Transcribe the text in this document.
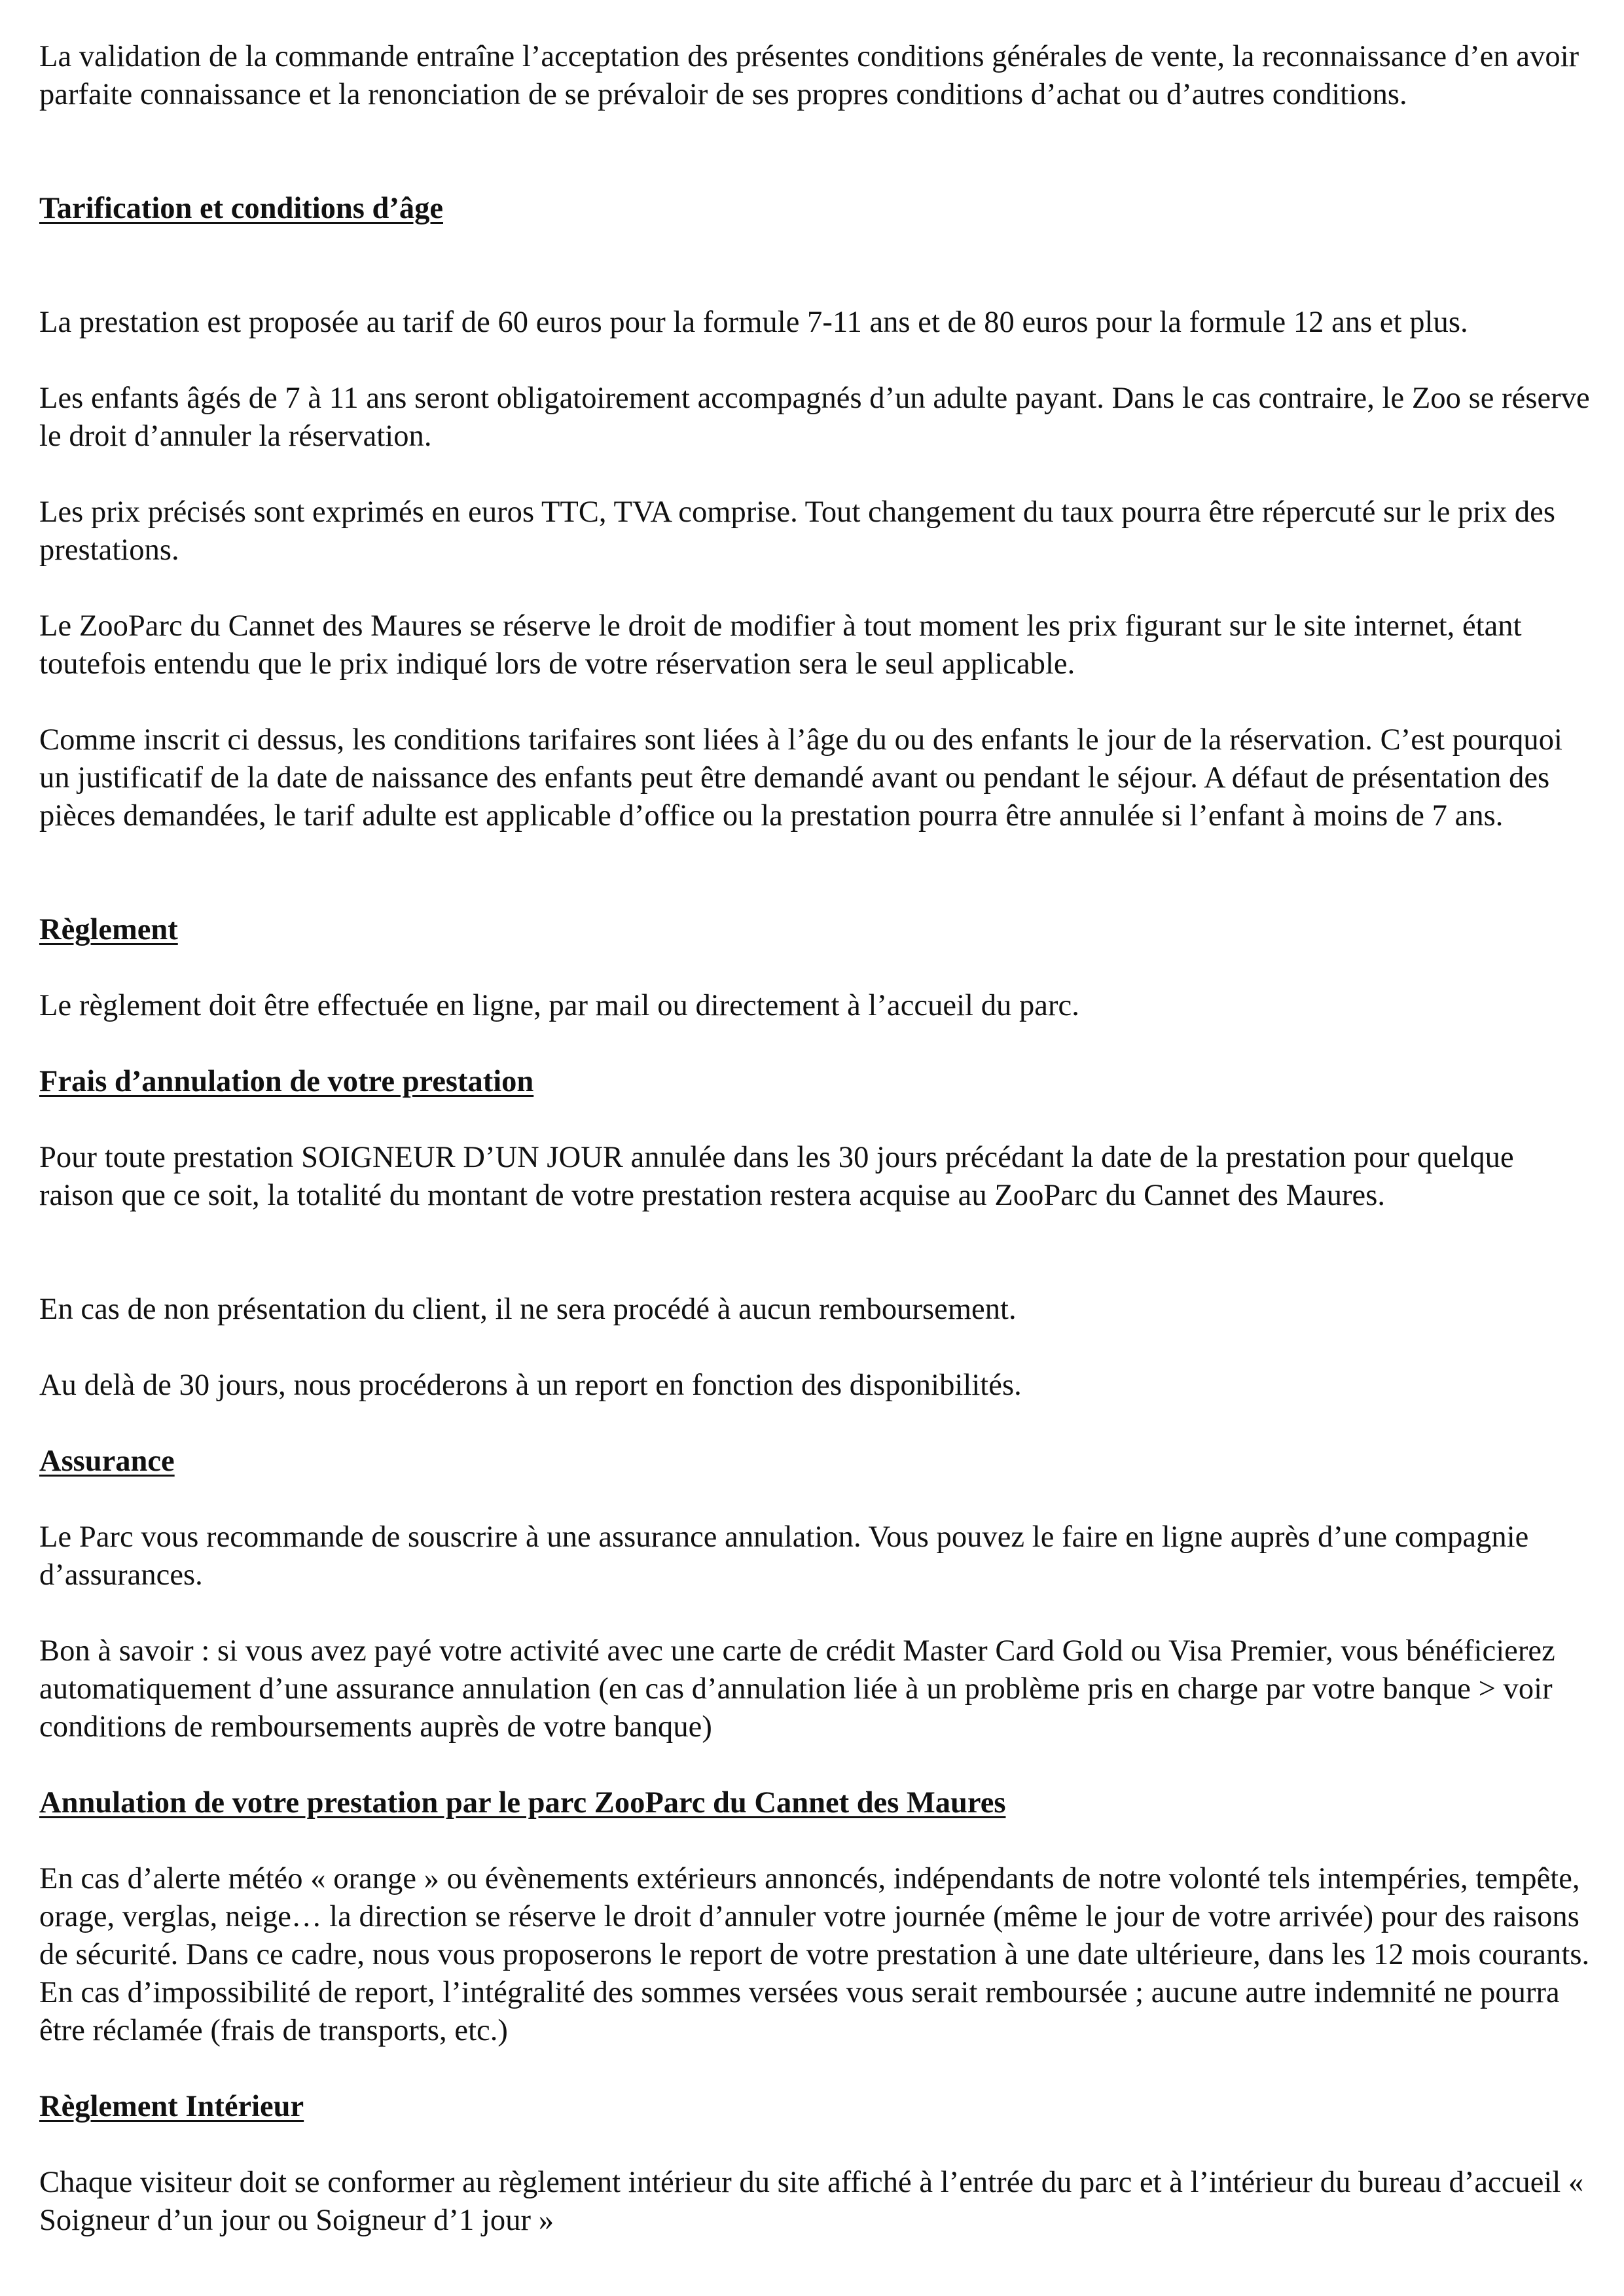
La validation de la commande entraîne l’acceptation des présentes conditions générales de vente, la reconnaissance d’en avoir parfaite connaissance et la renonciation de se prévaloir de ses propres conditions d’achat ou d’autres conditions.

Tarification et conditions d’âge

La prestation est proposée au tarif de 60 euros pour la formule 7-11 ans et de 80 euros pour la formule 12 ans et plus.

Les enfants âgés de 7 à 11 ans seront obligatoirement accompagnés d’un adulte payant. Dans le cas contraire, le Zoo se réserve le droit d’annuler la réservation.

Les prix précisés sont exprimés en euros TTC, TVA comprise. Tout changement du taux pourra être répercuté sur le prix des prestations.

Le ZooParc du Cannet des Maures se réserve le droit de modifier à tout moment les prix figurant sur le site internet, étant toutefois entendu que le prix indiqué lors de votre réservation sera le seul applicable.

Comme inscrit ci dessus, les conditions tarifaires sont liées à l’âge du ou des enfants le jour de la réservation. C’est pourquoi un justificatif de la date de naissance des enfants peut être demandé avant ou pendant le séjour. A défaut de présentation des pièces demandées, le tarif adulte est applicable d’office ou la prestation pourra être annulée si l’enfant à moins de 7 ans.

Règlement

Le règlement doit être effectuée en ligne, par mail ou directement à l’accueil du parc.

Frais d’annulation de votre prestation

Pour toute prestation SOIGNEUR D’UN JOUR annulée dans les 30 jours précédant la date de la prestation pour quelque raison que ce soit, la totalité du montant de votre prestation restera acquise au ZooParc du Cannet des Maures.

En cas de non présentation du client, il ne sera procédé à aucun remboursement.

Au delà de 30 jours, nous procéderons à un report en fonction des disponibilités.

Assurance

Le Parc vous recommande de souscrire à une assurance annulation. Vous pouvez le faire en ligne auprès d’une compagnie d’assurances.

Bon à savoir : si vous avez payé votre activité avec une carte de crédit Master Card Gold ou Visa Premier, vous bénéficierez automatiquement d’une assurance annulation (en cas d’annulation liée à un problème pris en charge par votre banque > voir conditions de remboursements auprès de votre banque)

Annulation de votre prestation par le parc ZooParc du Cannet des Maures

En cas d’alerte météo « orange » ou évènements extérieurs annoncés, indépendants de notre volonté tels intempéries, tempête, orage, verglas, neige… la direction se réserve le droit d’annuler votre journée (même le jour de votre arrivée) pour des raisons de sécurité. Dans ce cadre, nous vous proposerons le report de votre prestation à une date ultérieure, dans les 12 mois courants. En cas d’impossibilité de report, l’intégralité des sommes versées vous serait remboursée ; aucune autre indemnité ne pourra être réclamée (frais de transports, etc.)

Règlement Intérieur

Chaque visiteur doit se conformer au règlement intérieur du site affiché à l’entrée du parc et à l’intérieur du bureau d’accueil « Soigneur d’un jour ou Soigneur d’1 jour »
